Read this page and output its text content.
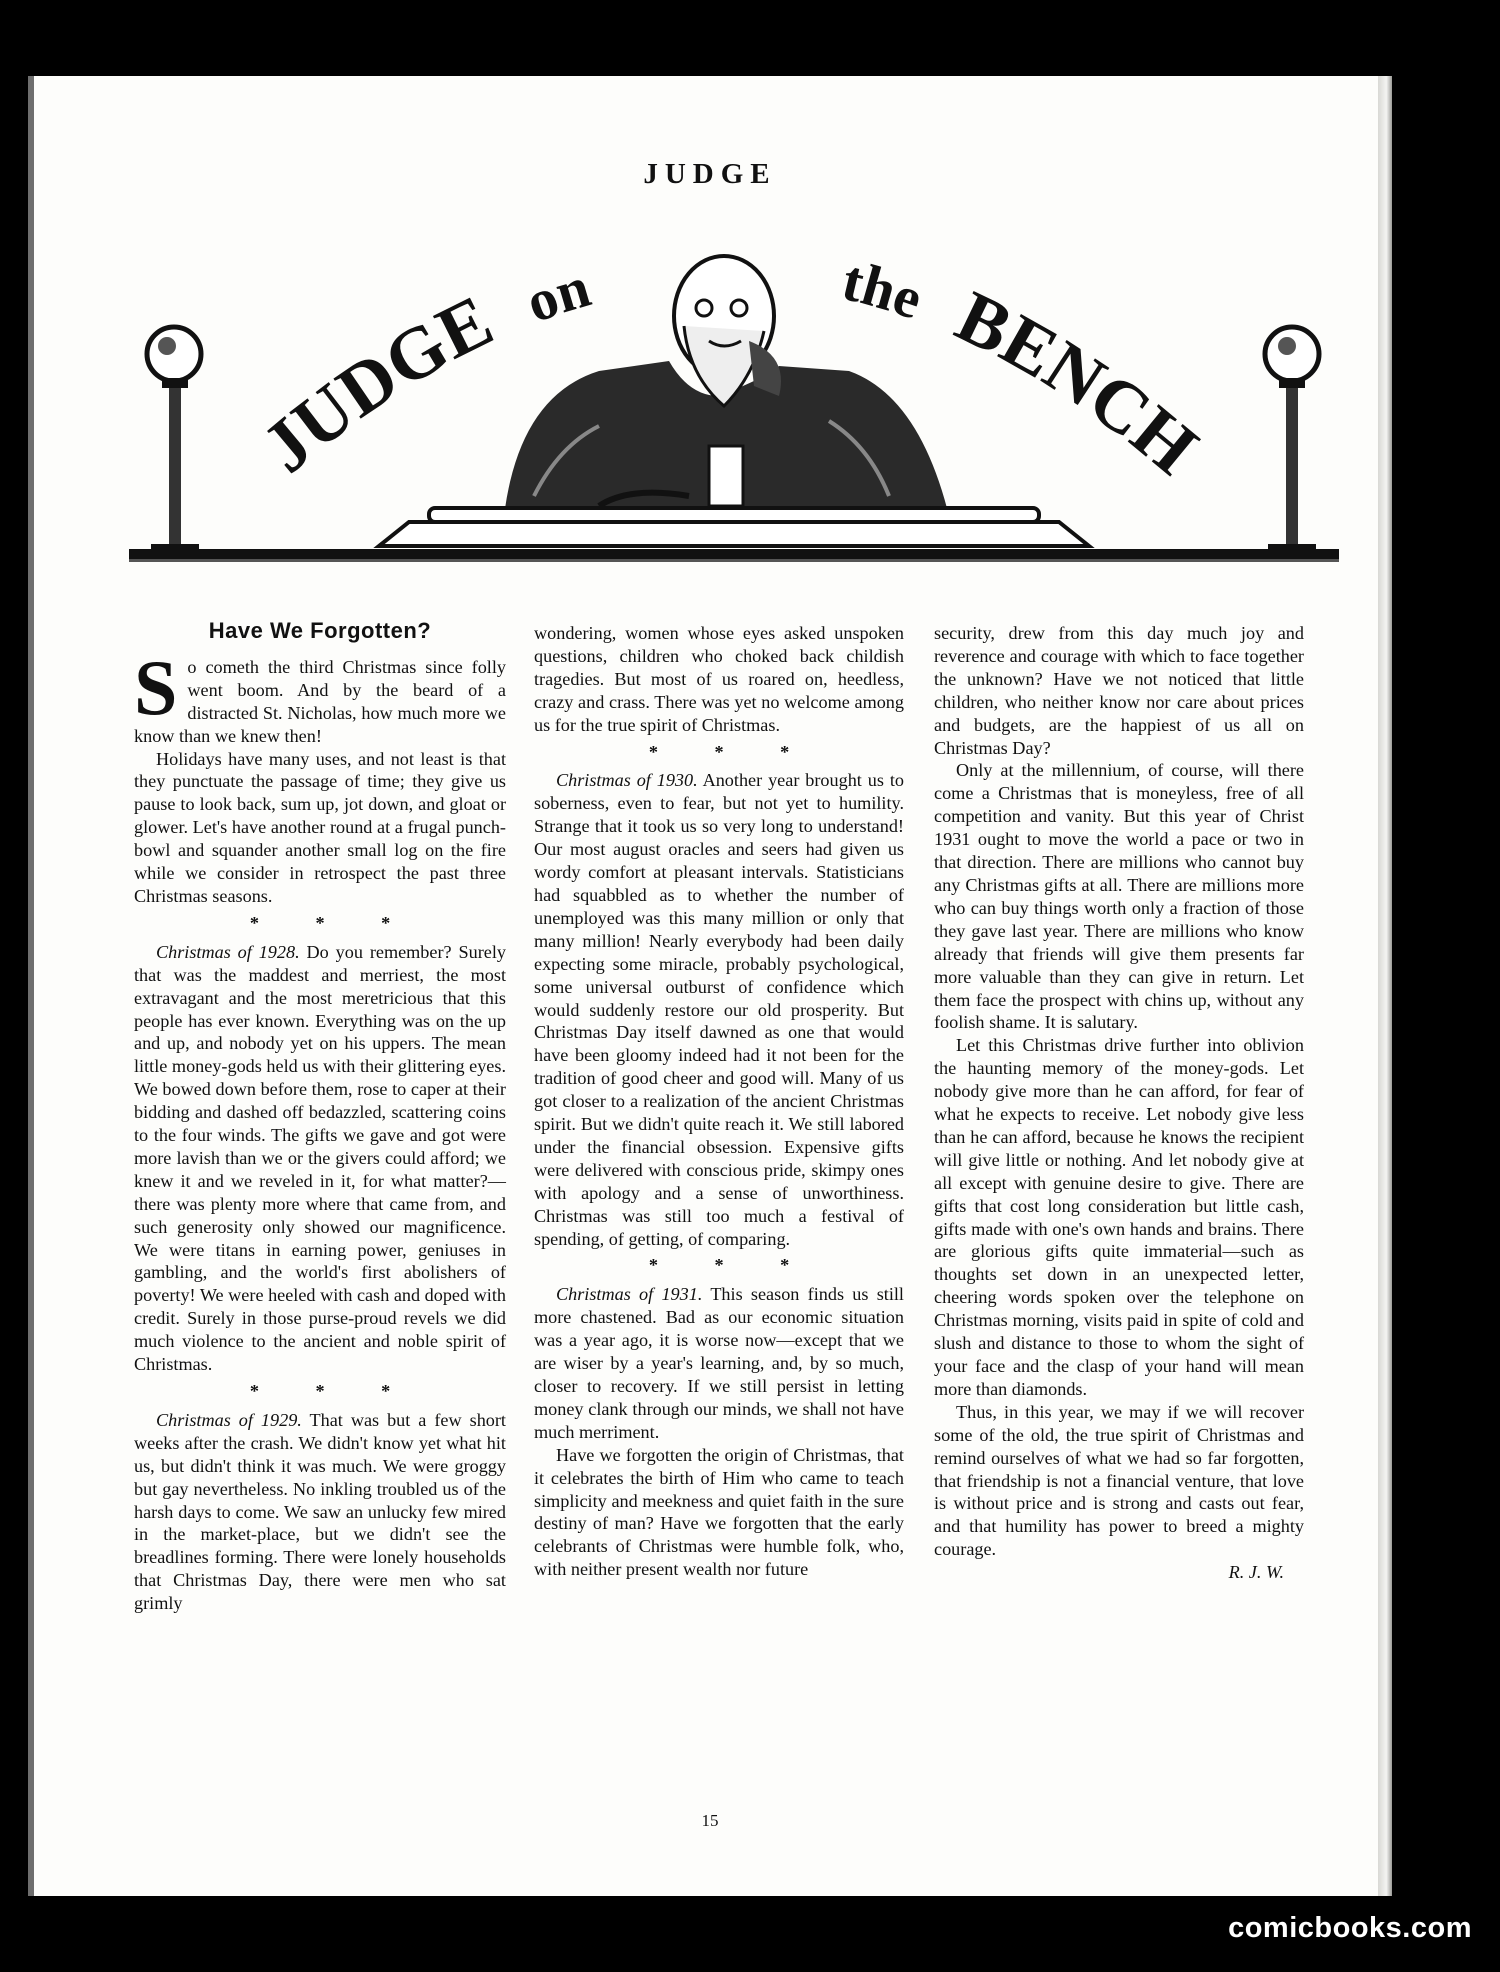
JUDGE
JUDGE on	the BENCH
Have We Forgotten?

So cometh the third Christmas since folly went boom. And by the beard of a distracted St. Nicholas, how much more we know than we knew then!

Holidays have many uses, and not least is that they punctuate the passage of time; they give us pause to look back, sum up, jot down, and gloat or glower. Let's have another round at a frugal punch-bowl and squander another small log on the fire while we consider in retrospect the past three Christmas seasons.

* * *

Christmas of 1928. Do you remember? Surely that was the maddest and merriest, the most extravagant and the most meretricious that this people has ever known. Everything was on the up and up, and nobody yet on his uppers. The mean little money-gods held us with their glittering eyes. We bowed down before them, rose to caper at their bidding and dashed off bedazzled, scattering coins to the four winds. The gifts we gave and got were more lavish than we or the givers could afford; we knew it and we reveled in it, for what matter?—there was plenty more where that came from, and such generosity only showed our magnificence. We were titans in earning power, geniuses in gambling, and the world's first abolishers of poverty! We were heeled with cash and doped with credit. Surely in those purse-proud revels we did much violence to the ancient and noble spirit of Christmas.

* * *

Christmas of 1929. That was but a few short weeks after the crash. We didn't know yet what hit us, but didn't think it was much. We were groggy but gay nevertheless. No inkling troubled us of the harsh days to come. We saw an unlucky few mired in the market-place, but we didn't see the breadlines forming. There were lonely households that Christmas Day, there were men who sat grimly

wondering, women whose eyes asked unspoken questions, children who choked back childish tragedies. But most of us roared on, heedless, crazy and crass. There was yet no welcome among us for the true spirit of Christmas.

* * *

Christmas of 1930. Another year brought us to soberness, even to fear, but not yet to humility. Strange that it took us so very long to understand! Our most august oracles and seers had given us wordy comfort at pleasant intervals. Statisticians had squabbled as to whether the number of unemployed was this many million or only that many million! Nearly everybody had been daily expecting some miracle, probably psychological, some universal outburst of confidence which would suddenly restore our old prosperity. But Christmas Day itself dawned as one that would have been gloomy indeed had it not been for the tradition of good cheer and good will. Many of us got closer to a realization of the ancient Christmas spirit. But we didn't quite reach it. We still labored under the financial obsession. Expensive gifts were delivered with conscious pride, skimpy ones with apology and a sense of unworthiness. Christmas was still too much a festival of spending, of getting, of comparing.

* * *

Christmas of 1931. This season finds us still more chastened. Bad as our economic situation was a year ago, it is worse now—except that we are wiser by a year's learning, and, by so much, closer to recovery. If we still persist in letting money clank through our minds, we shall not have much merriment.

Have we forgotten the origin of Christmas, that it celebrates the birth of Him who came to teach simplicity and meekness and quiet faith in the sure destiny of man? Have we forgotten that the early celebrants of Christmas were humble folk, who, with neither present wealth nor future

security, drew from this day much joy and reverence and courage with which to face together the unknown? Have we not noticed that little children, who neither know nor care about prices and budgets, are the happiest of us all on Christmas Day?

Only at the millennium, of course, will there come a Christmas that is moneyless, free of all competition and vanity. But this year of Christ 1931 ought to move the world a pace or two in that direction. There are millions who cannot buy any Christmas gifts at all. There are millions more who can buy things worth only a fraction of those they gave last year. There are millions who know already that friends will give them presents far more valuable than they can give in return. Let them face the prospect with chins up, without any foolish shame. It is salutary.

Let this Christmas drive further into oblivion the haunting memory of the money-gods. Let nobody give more than he can afford, for fear of what he expects to receive. Let nobody give less than he can afford, because he knows the recipient will give little or nothing. And let nobody give at all except with genuine desire to give. There are gifts that cost long consideration but little cash, gifts made with one's own hands and brains. There are glorious gifts quite immaterial—such as thoughts set down in an unexpected letter, cheering words spoken over the telephone on Christmas morning, visits paid in spite of cold and slush and distance to those to whom the sight of your face and the clasp of your hand will mean more than diamonds.

Thus, in this year, we may if we will recover some of the old, the true spirit of Christmas and remind ourselves of what we had so far forgotten, that friendship is not a financial venture, that love is without price and is strong and casts out fear, and that humility has power to breed a mighty courage.

R. J. W.

15
comicbooks.com
